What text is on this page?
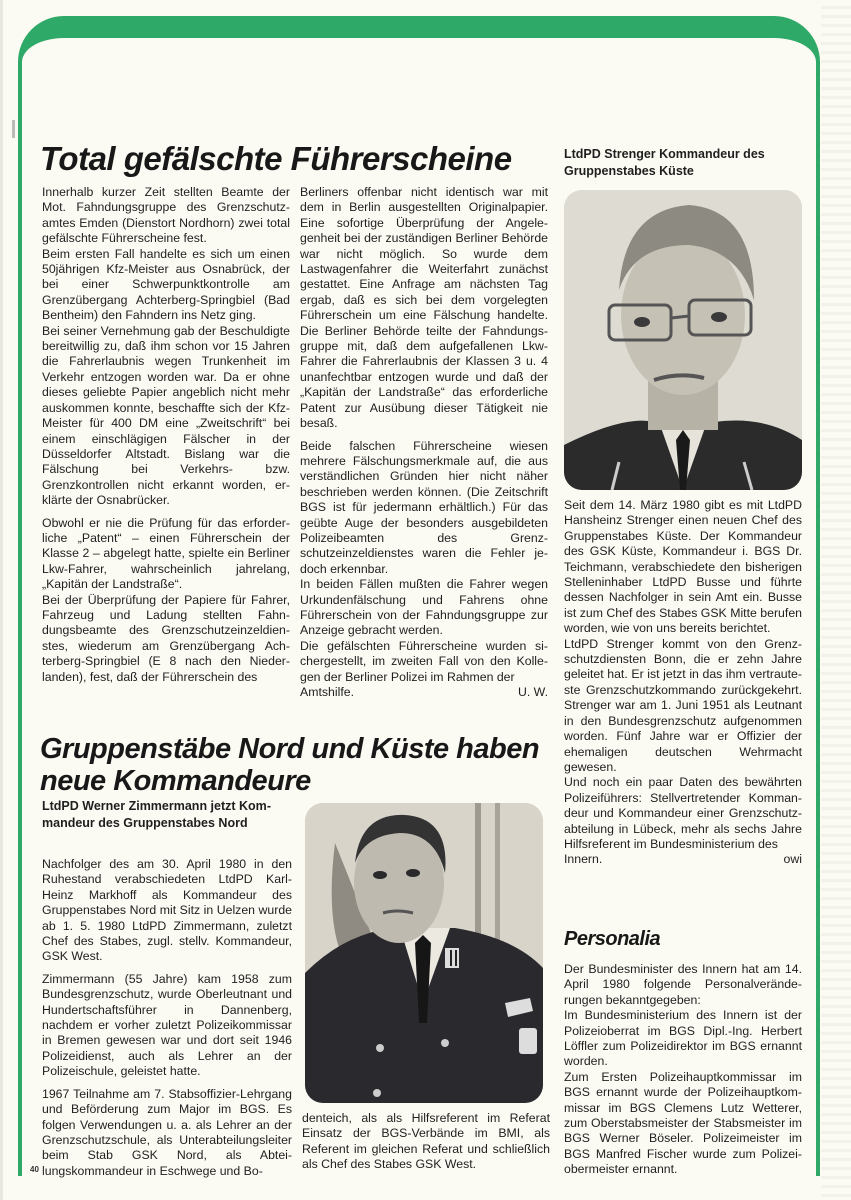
Total gefälschte Führerscheine

Innerhalb kurzer Zeit stellten Beamte der Mot. Fahndungsgruppe des Grenzschutzamtes Emden (Dienstort Nordhorn) zwei total gefälschte Führerscheine fest.

Beim ersten Fall handelte es sich um einen 50jährigen Kfz-Meister aus Osnabrück, der bei einer Schwerpunktkontrolle am Grenzübergang Achterberg-Springbiel (Bad Bentheim) den Fahndern ins Netz ging.

Bei seiner Vernehmung gab der Beschuldigte bereitwillig zu, daß ihm schon vor 15 Jahren die Fahrerlaubnis wegen Trunkenheit im Verkehr entzogen worden war. Da er ohne dieses geliebte Papier angeblich nicht mehr auskommen konnte, beschaffte sich der Kfz-Meister für 400 DM eine „Zweitschrift“ bei einem einschlägigen Fälscher in der Düsseldorfer Altstadt. Bislang war die Fälschung bei Verkehrs- bzw. Grenzkontrollen nicht erkannt worden, erklärte der Osnabrücker.

Obwohl er nie die Prüfung für das erforderliche „Patent“ – einen Führerschein der Klasse 2 – abgelegt hatte, spielte ein Berliner Lkw-Fahrer, wahrscheinlich jahrelang, „Kapitän der Landstraße“.

Bei der Überprüfung der Papiere für Fahrer, Fahrzeug und Ladung stellten Fahndungsbeamte des Grenzschutzeinzeldienstes, wiederum am Grenzübergang Achterberg-Springbiel (E 8 nach den Niederlanden), fest, daß der Führerschein des

Berliners offenbar nicht identisch war mit dem in Berlin ausgestellten Originalpapier. Eine sofortige Überprüfung der Angelegenheit bei der zuständigen Berliner Behörde war nicht möglich. So wurde dem Lastwagenfahrer die Weiterfahrt zunächst gestattet. Eine Anfrage am nächsten Tag ergab, daß es sich bei dem vorgelegten Führerschein um eine Fälschung handelte. Die Berliner Behörde teilte der Fahndungsgruppe mit, daß dem aufgefallenen Lkw-Fahrer die Fahrerlaubnis der Klassen 3 u. 4 unanfechtbar entzogen wurde und daß der „Kapitän der Landstraße“ das erforderliche Patent zur Ausübung dieser Tätigkeit nie besaß.

Beide falschen Führerscheine wiesen mehrere Fälschungsmerkmale auf, die aus verständlichen Gründen hier nicht näher beschrieben werden können. (Die Zeitschrift BGS ist für jedermann erhältlich.) Für das geübte Auge der besonders ausgebildeten Polizeibeamten des Grenzschutzeinzeldienstes waren die Fehler jedoch erkennbar.

In beiden Fällen mußten die Fahrer wegen Urkundenfälschung und Fahrens ohne Führerschein von der Fahndungsgruppe zur Anzeige gebracht werden.

Die gefälschten Führerscheine wurden sichergestellt, im zweiten Fall von den Kollegen der Berliner Polizei im Rahmen der

Amtshilfe.	U. W.

LtdPD Strenger Kommandeur des Gruppenstabes Küste

Seit dem 14. März 1980 gibt es mit LtdPD Hansheinz Strenger einen neuen Chef des Gruppenstabes Küste. Der Kommandeur des GSK Küste, Kommandeur i. BGS Dr. Teichmann, verabschiedete den bisherigen Stelleninhaber LtdPD Busse und führte dessen Nachfolger in sein Amt ein. Busse ist zum Chef des Stabes GSK Mitte berufen worden, wie von uns bereits berichtet.

LtdPD Strenger kommt von den Grenzschutzdiensten Bonn, die er zehn Jahre geleitet hat. Er ist jetzt in das ihm vertrauteste Grenzschutzkommando zurückgekehrt. Strenger war am 1. Juni 1951 als Leutnant in den Bundesgrenzschutz aufgenommen worden. Fünf Jahre war er Offizier der ehemaligen deutschen Wehrmacht gewesen.

Und noch ein paar Daten des bewährten Polizeiführers: Stellvertretender Kommandeur und Kommandeur einer Grenzschutzabteilung in Lübeck, mehr als sechs Jahre Hilfsreferent im Bundesministerium des

Innern.	owi

Gruppenstäbe Nord und Küste haben neue Kommandeure
LtdPD Werner Zimmermann jetzt Kommandeur des Gruppenstabes Nord

Nachfolger des am 30. April 1980 in den Ruhestand verabschiedeten LtdPD Karl-Heinz Markhoff als Kommandeur des Gruppenstabes Nord mit Sitz in Uelzen wurde ab 1. 5. 1980 LtdPD Zimmermann, zuletzt Chef des Stabes, zugl. stellv. Kommandeur, GSK West.

Zimmermann (55 Jahre) kam 1958 zum Bundesgrenzschutz, wurde Oberleutnant und Hundertschaftsführer in Dannenberg, nachdem er vorher zuletzt Polizeikommissar in Bremen gewesen war und dort seit 1946 Polizeidienst, auch als Lehrer an der Polizeischule, geleistet hatte.

1967 Teilnahme am 7. Stabsoffizier-Lehrgang und Beförderung zum Major im BGS. Es folgen Verwendungen u. a. als Lehrer an der Grenzschutzschule, als Unterabteilungsleiter beim Stab GSK Nord, als Abteilungskommandeur in Eschwege und Bo-

denteich, als als Hilfsreferent im Referat Einsatz der BGS-Verbände im BMI, als Referent im gleichen Referat und schließlich als Chef des Stabes GSK West.

Personalia

Der Bundesminister des Innern hat am 14. April 1980 folgende Personalveränderungen bekanntgegeben:

Im Bundesministerium des Innern ist der Polizeioberrat im BGS Dipl.-Ing. Herbert Löffler zum Polizeidirektor im BGS ernannt worden.

Zum Ersten Polizeihauptkommissar im BGS ernannt wurde der Polizeihauptkommissar im BGS Clemens Lutz Wetterer, zum Oberstabsmeister der Stabsmeister im BGS Werner Böseler. Polizeimeister im BGS Manfred Fischer wurde zum Polizeiobermeister ernannt.

40
